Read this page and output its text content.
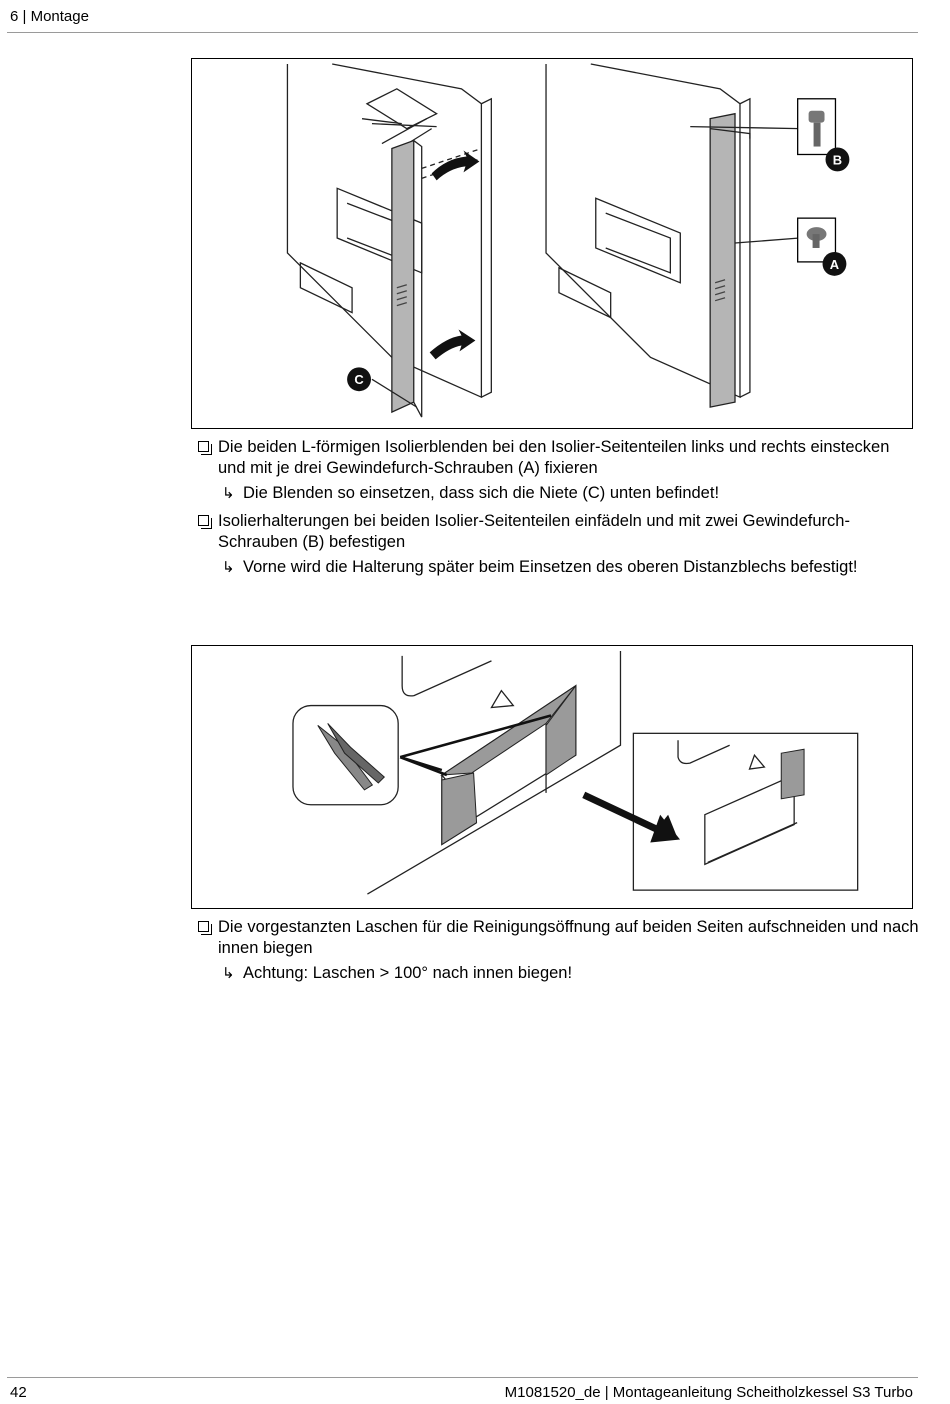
6 | Montage
B
A
C
Die beiden L-förmigen Isolierblenden bei den Isolier-Seitenteilen links und rechts einstecken und mit je drei Gewindefurch-Schrauben (A) fixieren
↳ Die Blenden so einsetzen, dass sich die Niete (C) unten befindet!
Isolierhalterungen bei beiden Isolier-Seitenteilen einfädeln und mit zwei Gewindefurch-Schrauben (B) befestigen
↳ Vorne wird die Halterung später beim Einsetzen des oberen Distanzblechs befestigt!
Die vorgestanzten Laschen für die Reinigungsöffnung auf beiden Seiten aufschneiden und nach innen biegen
↳ Achtung: Laschen > 100° nach innen biegen!
42	M1081520_de | Montageanleitung Scheitholzkessel S3 Turbo
